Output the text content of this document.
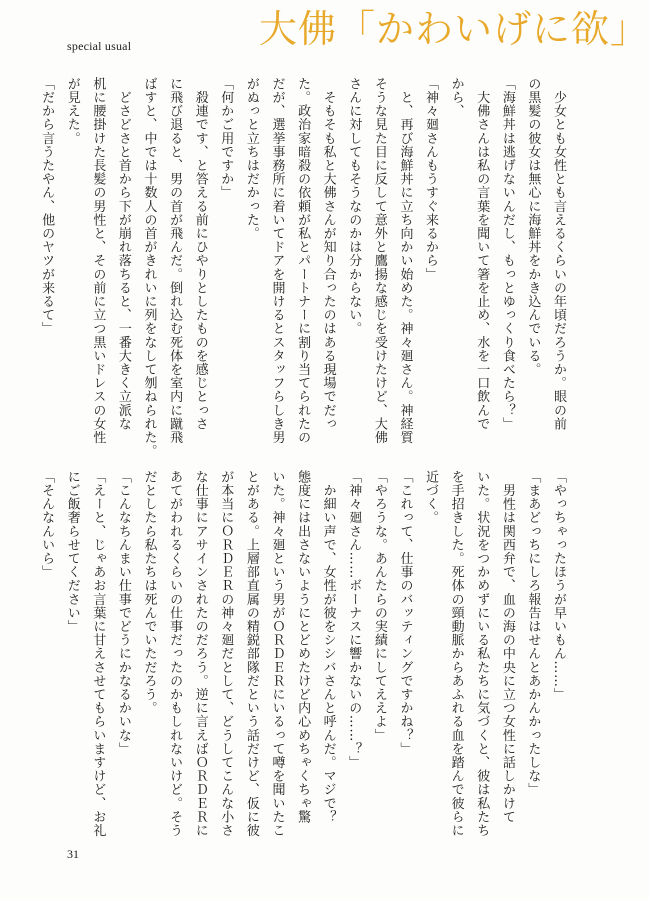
special usual	大佛「かわいげに欲」

　少女とも女性とも言えるくらいの年頃だろうか。眼の前

の黒髪の彼女は無心に海鮮丼をかき込んでいる。

「海鮮丼は逃げないんだし、もっとゆっくり食べたら？」

　大佛さんは私の言葉を聞いて箸を止め、水を一口飲んで

から、

「神々廻さんもうすぐ来るから」

　と、再び海鮮丼に立ち向かい始めた。神々廻さん。神経質

そうな見た目に反して意外と鷹揚な感じを受けたけど、大佛

さんに対してもそうなのかは分からない。

　そもそも私と大佛さんが知り合ったのはある現場でだっ

た。政治家暗殺の依頼が私とパートナーに割り当てられたの

だが、選挙事務所に着いてドアを開けるとスタッフらしき男

がぬっと立ちはだかった。

「何かご用ですか」

　殺連です、と答える前にひやりとしたものを感じとっさ

に飛び退ると、男の首が飛んだ。倒れ込む死体を室内に蹴飛

ばすと、中では十数人の首がきれいに列をなして刎ねられた。

　どさどさと首から下が崩れ落ちると、一番大きく立派な

机に腰掛けた長髪の男性と、その前に立つ黒いドレスの女性

が見えた。

「だから言うたやん、他のヤツが来るて」

「やっちゃったほうが早いもん……」

「まあどっちにしろ報告はせんとあかんかったしな」

　男性は関西弁で、血の海の中央に立つ女性に話しかけて

いた。状況をつかめずにいる私たちに気づくと、彼は私たち

を手招きした。死体の頸動脈からあふれる血を踏んで彼らに

近づく。

「これって、仕事のバッティングですかね？」

「やろうな。あんたらの実績にしてええよ」

「神々廻さん……ボーナスに響かないの……？」

　か細い声で、女性が彼をシシバさんと呼んだ。マジで？

態度には出さないようにとどめたけど内心めちゃくちゃ驚

いた。神々廻という男がＯＲＤＥＲにいるって噂を聞いたこ

とがある。上層部直属の精鋭部隊だという話だけど、仮に彼

が本当にＯＲＤＥＲの神々廻だとして、どうしてこんな小さ

な仕事にアサインされたのだろう。逆に言えばＯＲＤＥＲに

あてがわれるくらいの仕事だったのかもしれないけど。そう

だとしたら私たちは死んでいただろう。

「こんなちんまい仕事でどうにかなるかいな」

「えーと、じゃあお言葉に甘えさせてもらいますけど、お礼

にご飯奢らせてください」

「そんなんいら」

31
